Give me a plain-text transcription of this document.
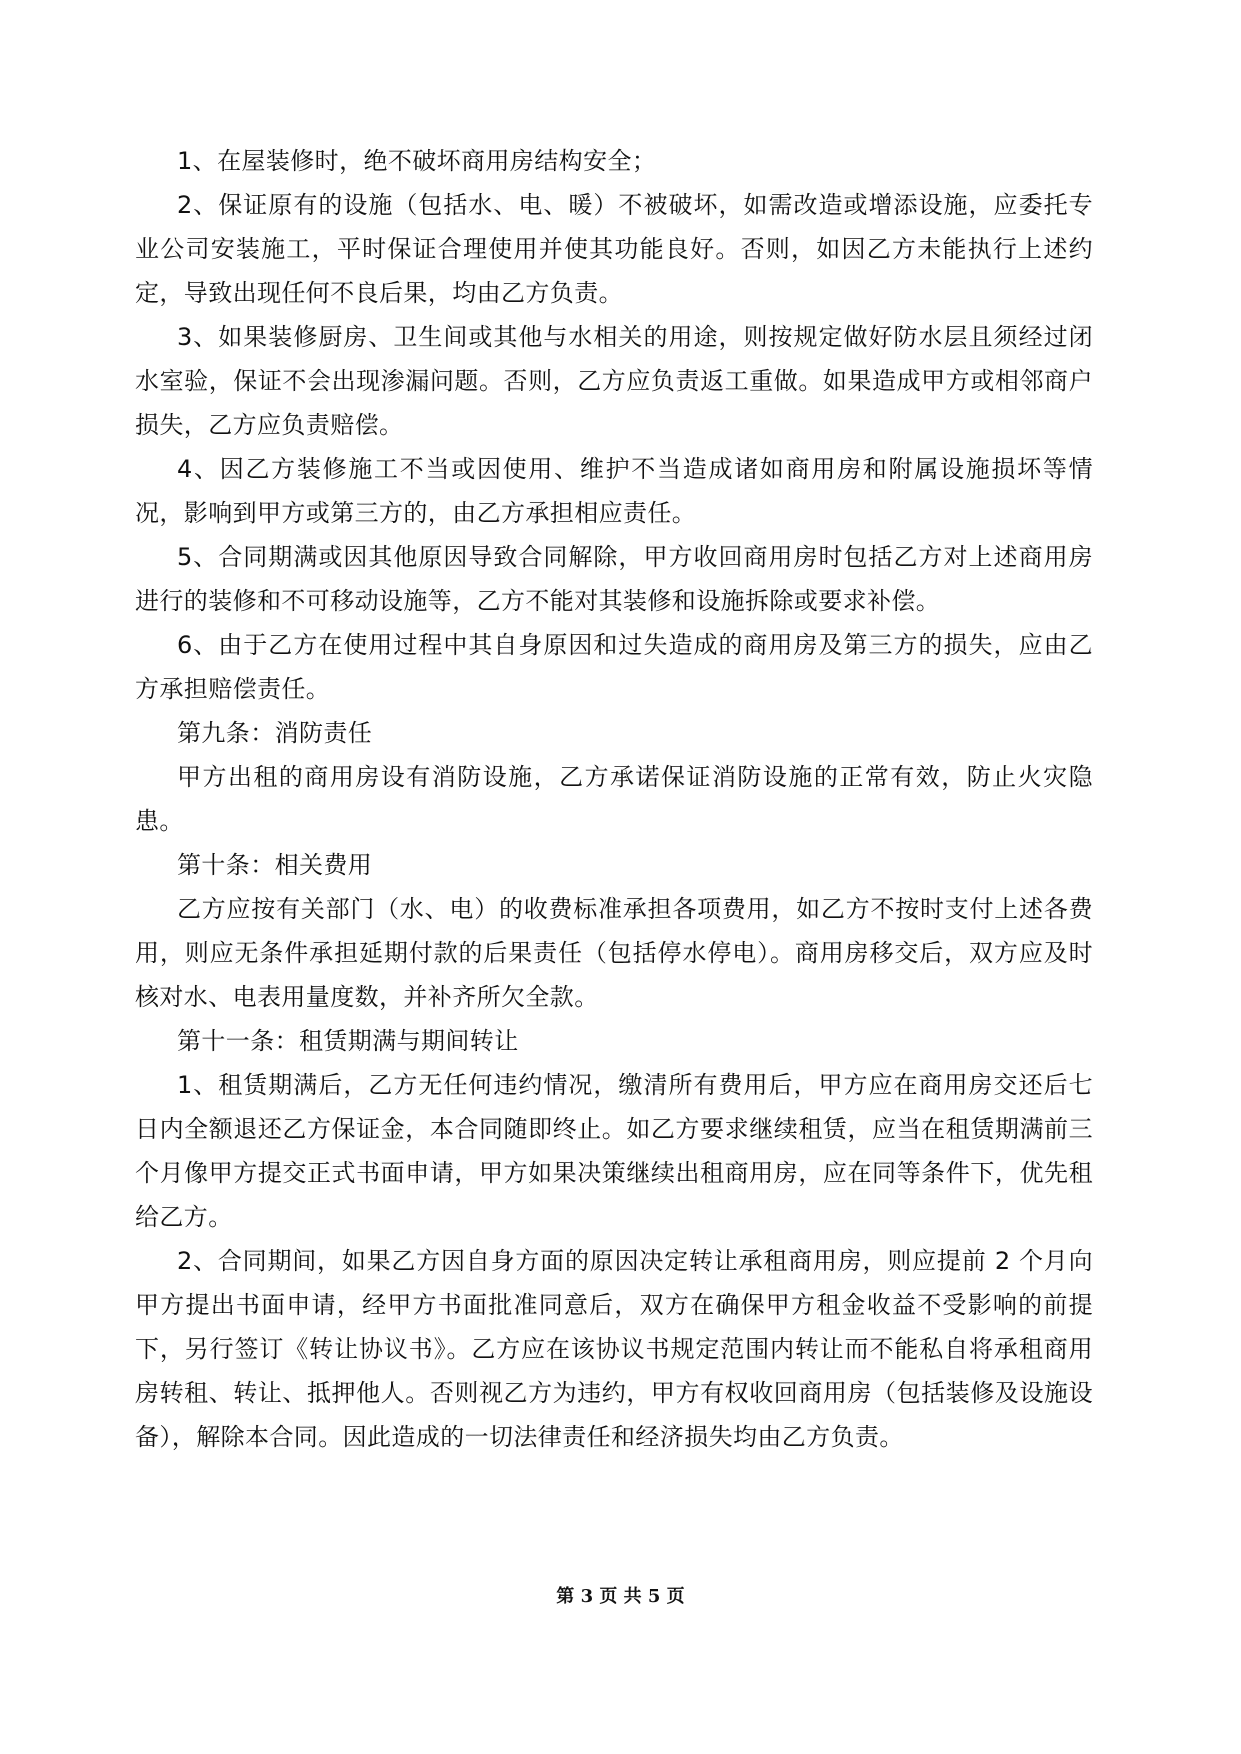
1、在屋装修时，绝不破坏商用房结构安全；

2、保证原有的设施（包括水、电、暖）不被破坏，如需改造或增添设施，应委托专业公司安装施工，平时保证合理使用并使其功能良好。否则，如因乙方未能执行上述约定，导致出现任何不良后果，均由乙方负责。

3、如果装修厨房、卫生间或其他与水相关的用途，则按规定做好防水层且须经过闭水室验，保证不会出现渗漏问题。否则，乙方应负责返工重做。如果造成甲方或相邻商户损失，乙方应负责赔偿。

4、因乙方装修施工不当或因使用、维护不当造成诸如商用房和附属设施损坏等情况，影响到甲方或第三方的，由乙方承担相应责任。

5、合同期满或因其他原因导致合同解除，甲方收回商用房时包括乙方对上述商用房进行的装修和不可移动设施等，乙方不能对其装修和设施拆除或要求补偿。

6、由于乙方在使用过程中其自身原因和过失造成的商用房及第三方的损失，应由乙方承担赔偿责任。

第九条：消防责任

甲方出租的商用房设有消防设施，乙方承诺保证消防设施的正常有效，防止火灾隐患。

第十条：相关费用

乙方应按有关部门（水、电）的收费标准承担各项费用，如乙方不按时支付上述各费用，则应无条件承担延期付款的后果责任（包括停水停电）。商用房移交后，双方应及时核对水、电表用量度数，并补齐所欠全款。

第十一条：租赁期满与期间转让

1、租赁期满后，乙方无任何违约情况，缴清所有费用后，甲方应在商用房交还后七日内全额退还乙方保证金，本合同随即终止。如乙方要求继续租赁，应当在租赁期满前三个月像甲方提交正式书面申请，甲方如果决策继续出租商用房，应在同等条件下，优先租给乙方。

2、合同期间，如果乙方因自身方面的原因决定转让承租商用房，则应提前 2 个月向甲方提出书面申请，经甲方书面批准同意后，双方在确保甲方租金收益不受影响的前提下，另行签订《转让协议书》。乙方应在该协议书规定范围内转让而不能私自将承租商用房转租、转让、抵押他人。否则视乙方为违约，甲方有权收回商用房（包括装修及设施设备），解除本合同。因此造成的一切法律责任和经济损失均由乙方负责。

第 3 页 共 5 页
